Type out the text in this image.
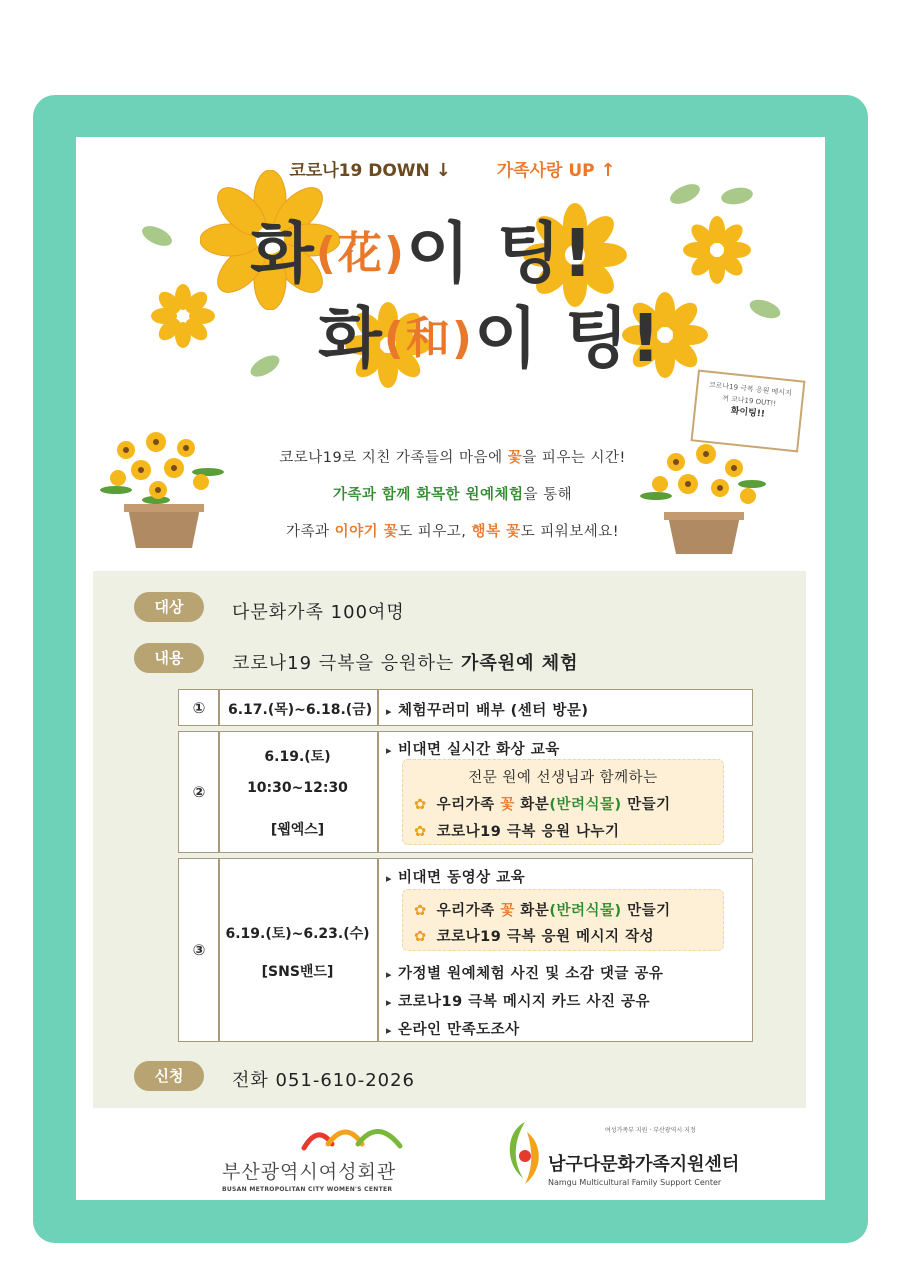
코로나19 DOWN ↓	가족사랑 UP ↑
화(花)이 팅!
화(和)이 팅!
코로나19 극복 응원 메시지
꺼 코나19 OUT!!
화이팅!!
코로나19로 지친 가족들의 마음에 꽃을 피우는 시간!
가족과 함께 화목한 원예체험을 통해
가족과 이야기 꽃도 피우고, 행복 꽃도 피워보세요!
대상	다문화가족 100여명
내용	코로나19 극복을 응원하는 가족원예 체험
①	6.17.(목)~6.18.(금)
▸	체험꾸러미 배부 (센터 방문)
②
6.19.(토)
10:30~12:30
[웹엑스]
▸ 비대면 실시간 화상 교육
전문 원예 선생님과 함께하는
✿ 우리가족 꽃 화분(반려식물) 만들기
✿ 코로나19 극복 응원 나누기
③
6.19.(토)~6.23.(수)
[SNS밴드]
▸ 비대면 동영상 교육
✿ 우리가족 꽃 화분(반려식물) 만들기
✿ 코로나19 극복 응원 메시지 작성
▸ 가정별 원예체험 사진 및 소감 댓글 공유
▸ 코로나19 극복 메시지 카드 사진 공유
▸ 온라인 만족도조사
신청	전화 051-610-2026
부산광역시여성회관
BUSAN METROPOLITAN CITY WOMEN'S CENTER
여성가족부 지원 · 부산광역시 지정
남구다문화가족지원센터
Namgu Multicultural Family Support Center
